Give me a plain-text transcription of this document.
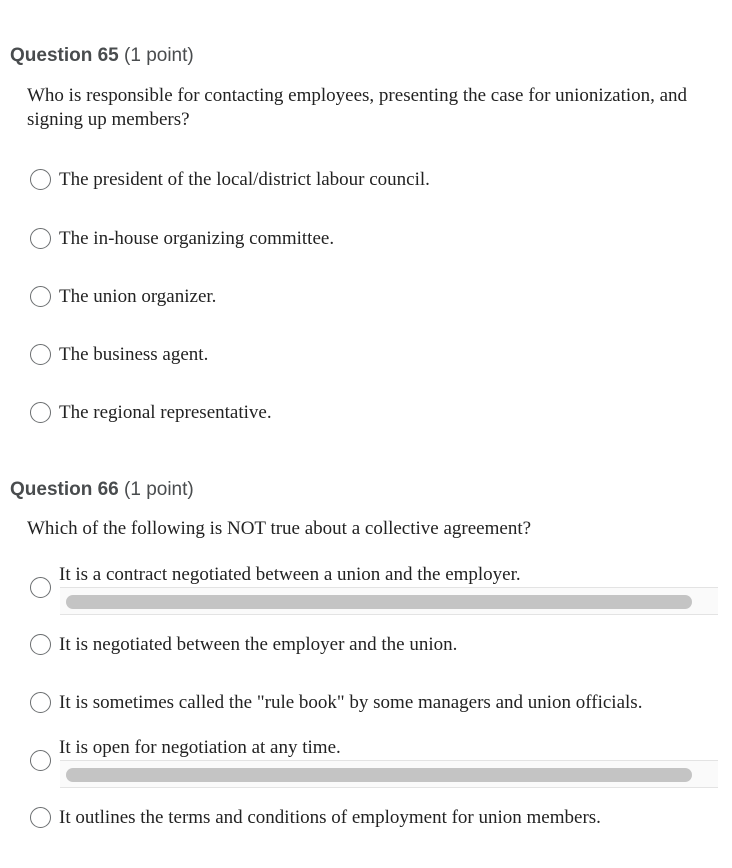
Question 65 (1 point)
Who is responsible for contacting employees, presenting the case for unionization, and signing up members?
The president of the local/district labour council.
The in-house organizing committee.
The union organizer.
The business agent.
The regional representative.
Question 66 (1 point)
Which of the following is NOT true about a collective agreement?
It is a contract negotiated between a union and the employer.
It is negotiated between the employer and the union.
It is sometimes called the "rule book" by some managers and union officials.
It is open for negotiation at any time.
It outlines the terms and conditions of employment for union members.
